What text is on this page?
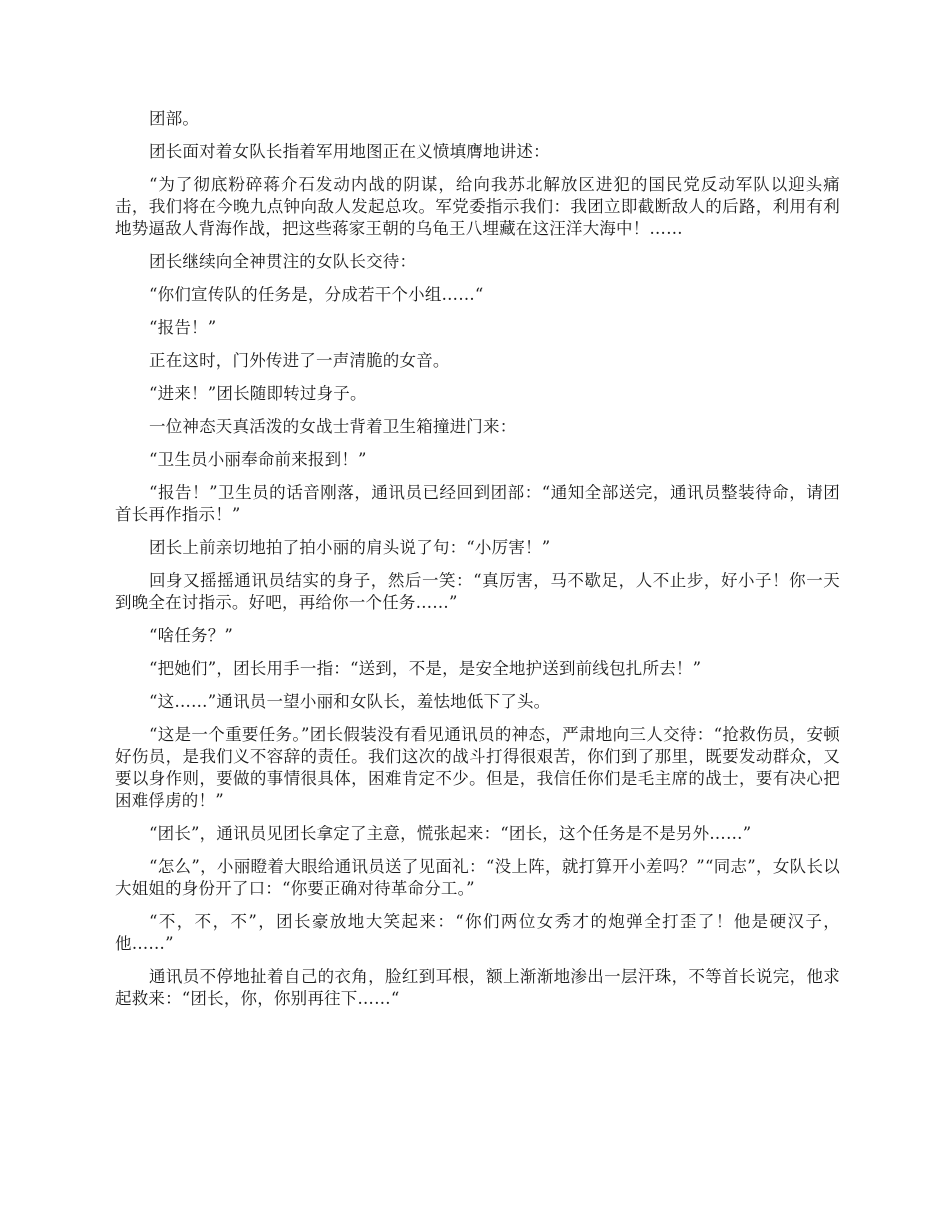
团部。

团长面对着女队长指着军用地图正在义愤填膺地讲述：

“为了彻底粉碎蒋介石发动内战的阴谋，给向我苏北解放区进犯的国民党反动军队以迎头痛击，我们将在今晚九点钟向敌人发起总攻。军党委指示我们：我团立即截断敌人的后路，利用有利地势逼敌人背海作战，把这些蒋家王朝的乌龟王八埋藏在这汪洋大海中！……

团长继续向全神贯注的女队长交待：

“你们宣传队的任务是，分成若干个小组……“

“报告！”

正在这时，门外传进了一声清脆的女音。

“进来！”团长随即转过身子。

一位神态天真活泼的女战士背着卫生箱撞进门来：

“卫生员小丽奉命前来报到！”

“报告！”卫生员的话音刚落，通讯员已经回到团部：“通知全部送完，通讯员整装待命，请团首长再作指示！”

团长上前亲切地拍了拍小丽的肩头说了句：“小厉害！”

回身又摇摇通讯员结实的身子，然后一笑：“真厉害，马不歇足，人不止步，好小子！你一天到晚全在讨指示。好吧，再给你一个任务……”

“啥任务？”

“把她们”，团长用手一指：“送到，不是，是安全地护送到前线包扎所去！”

“这……”通讯员一望小丽和女队长，羞怯地低下了头。

“这是一个重要任务。”团长假装没有看见通讯员的神态，严肃地向三人交待：“抢救伤员，安顿好伤员，是我们义不容辞的责任。我们这次的战斗打得很艰苦，你们到了那里，既要发动群众，又要以身作则，要做的事情很具体，困难肯定不少。但是，我信任你们是毛主席的战士，要有决心把困难俘虏的！”

“团长”，通讯员见团长拿定了主意，慌张起来：“团长，这个任务是不是另外……”

“怎么”，小丽瞪着大眼给通讯员送了见面礼：“没上阵，就打算开小差吗？”“同志”，女队长以大姐姐的身份开了口：“你要正确对待革命分工。”

“不，不，不”，团长豪放地大笑起来：“你们两位女秀才的炮弹全打歪了！他是硬汉子，他……”

通讯员不停地扯着自己的衣角，脸红到耳根，额上渐渐地渗出一层汗珠，不等首长说完，他求起救来：“团长，你，你别再往下……“
